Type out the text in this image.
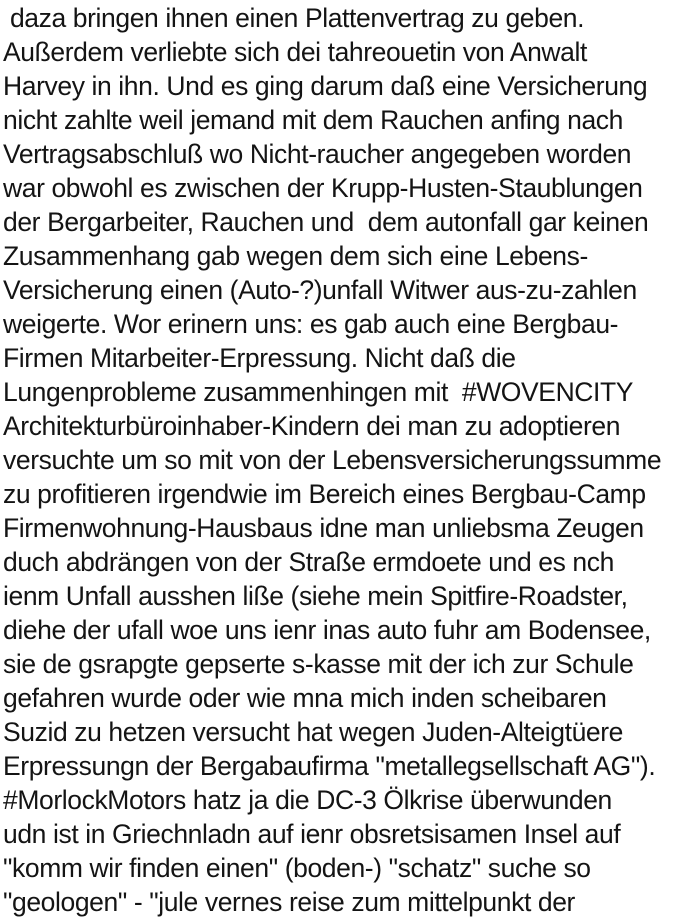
daza bringen ihnen einen Plattenvertrag zu geben.
Außerdem verliebte sich dei tahreouetin von Anwalt
Harvey in ihn. Und es ging darum daß eine Versicherung
nicht zahlte weil jemand mit dem Rauchen anfing nach
Vertragsabschluß wo Nicht-raucher angegeben worden
war obwohl es zwischen der Krupp-Husten-Staublungen
der Bergarbeiter, Rauchen und  dem autonfall gar keinen
Zusammenhang gab wegen dem sich eine Lebens-
Versicherung einen (Auto-?)unfall Witwer aus-zu-zahlen
weigerte. Wor erinern uns: es gab auch eine Bergbau-
Firmen Mitarbeiter-Erpressung. Nicht daß die
Lungenprobleme zusammenhingen mit  #WOVENCITY
Architekturbüroinhaber-Kindern dei man zu adoptieren
versuchte um so mit von der Lebensversicherungssumme
zu profitieren irgendwie im Bereich eines Bergbau-Camp
Firmenwohnung-Hausbaus idne man unliebsma Zeugen
duch abdrängen von der Straße ermdoete und es nch
ienm Unfall ausshen liße (siehe mein Spitfire-Roadster,
diehe der ufall woe uns ienr inas auto fuhr am Bodensee,
sie de gsrapgte gepserte s-kasse mit der ich zur Schule
gefahren wurde oder wie mna mich inden scheibaren
Suzid zu hetzen versucht hat wegen Juden-Alteigtüere
Erpressungn der Bergabaufirma "metallegsellschaft AG").
#MorlockMotors hatz ja die DC-3 Ölkrise überwunden
udn ist in Griechnladn auf ienr obsretsisamen Insel auf
"komm wir finden einen" (boden-) "schatz" suche so
"geologen" - "jule vernes reise zum mittelpunkt der
